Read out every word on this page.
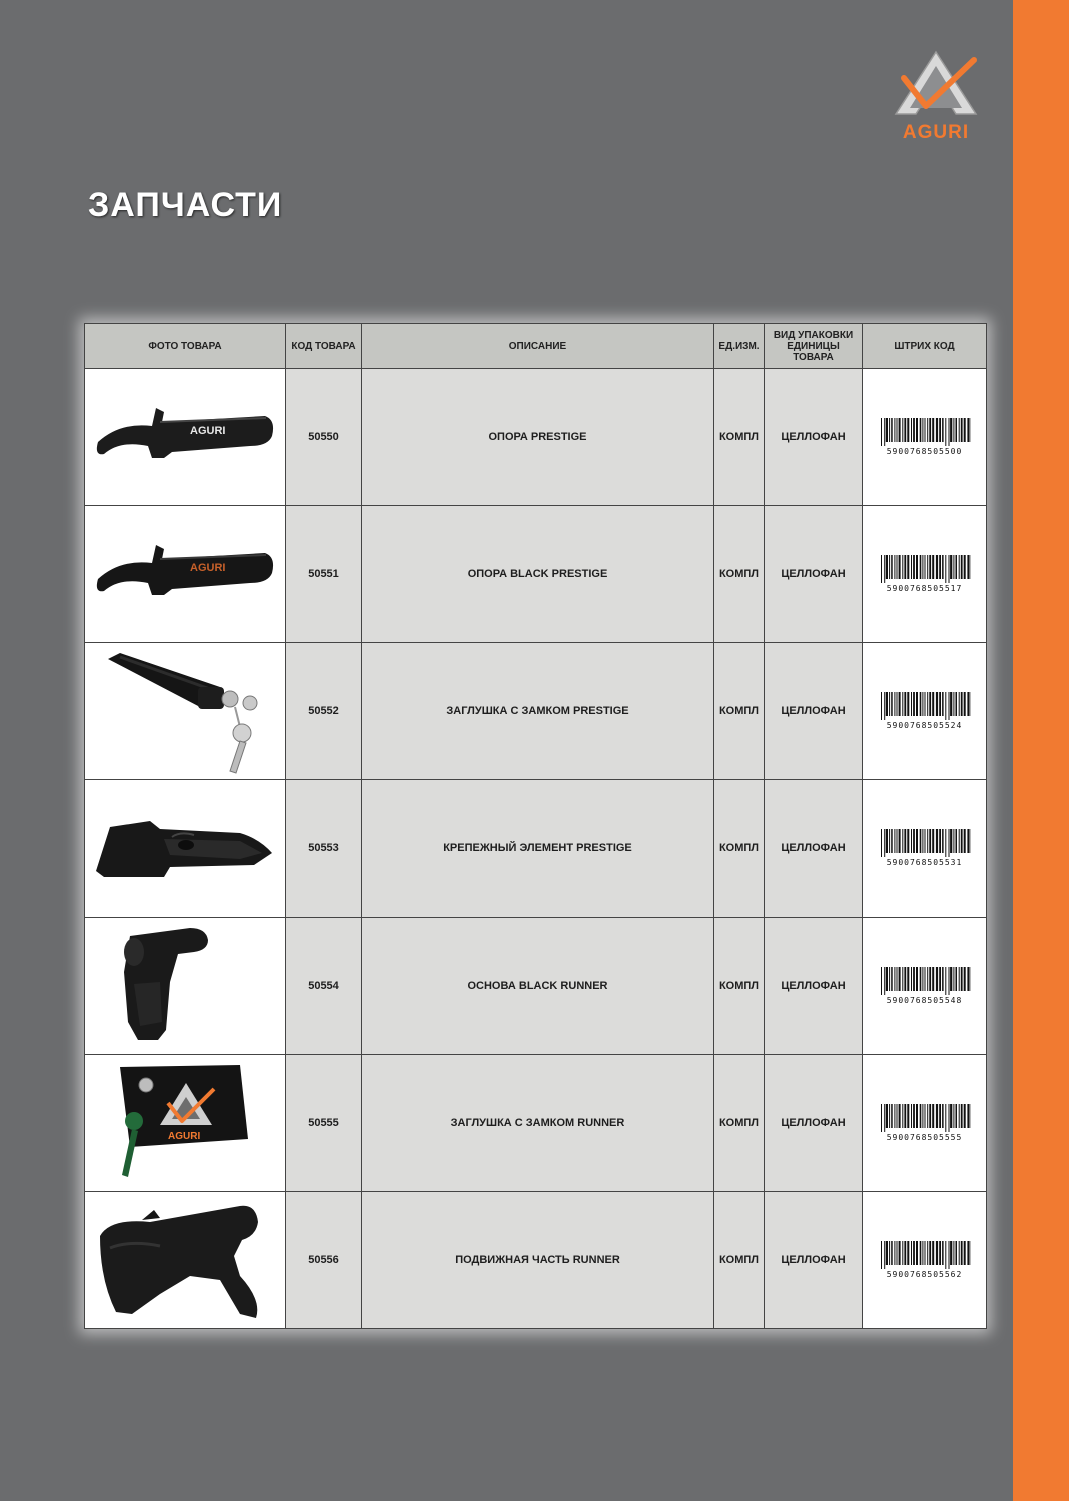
AGURI
ЗАПЧАСТИ
ФОТО ТОВАРА	КОД ТОВАРА	ОПИСАНИЕ	ЕД.ИЗМ.	ВИД УПАКОВКИ
ЕДИНИЦЫ ТОВАРА	ШТРИХ КОД

AGURI	50550	ОПОРА PRESTIGE	КОМПЛ	ЦЕЛЛОФАН	5900768505500

AGURI	50551	ОПОРА BLACK PRESTIGE	КОМПЛ	ЦЕЛЛОФАН	5900768505517

	50552	ЗАГЛУШКА С ЗАМКОМ PRESTIGE	КОМПЛ	ЦЕЛЛОФАН	5900768505524

	50553	КРЕПЕЖНЫЙ ЭЛЕМЕНТ PRESTIGE	КОМПЛ	ЦЕЛЛОФАН	5900768505531

	50554	ОСНОВА BLACK RUNNER	КОМПЛ	ЦЕЛЛОФАН	5900768505548

AGURI	50555	ЗАГЛУШКА С ЗАМКОМ RUNNER	КОМПЛ	ЦЕЛЛОФАН	5900768505555

	50556	ПОДВИЖНАЯ ЧАСТЬ RUNNER	КОМПЛ	ЦЕЛЛОФАН	5900768505562
